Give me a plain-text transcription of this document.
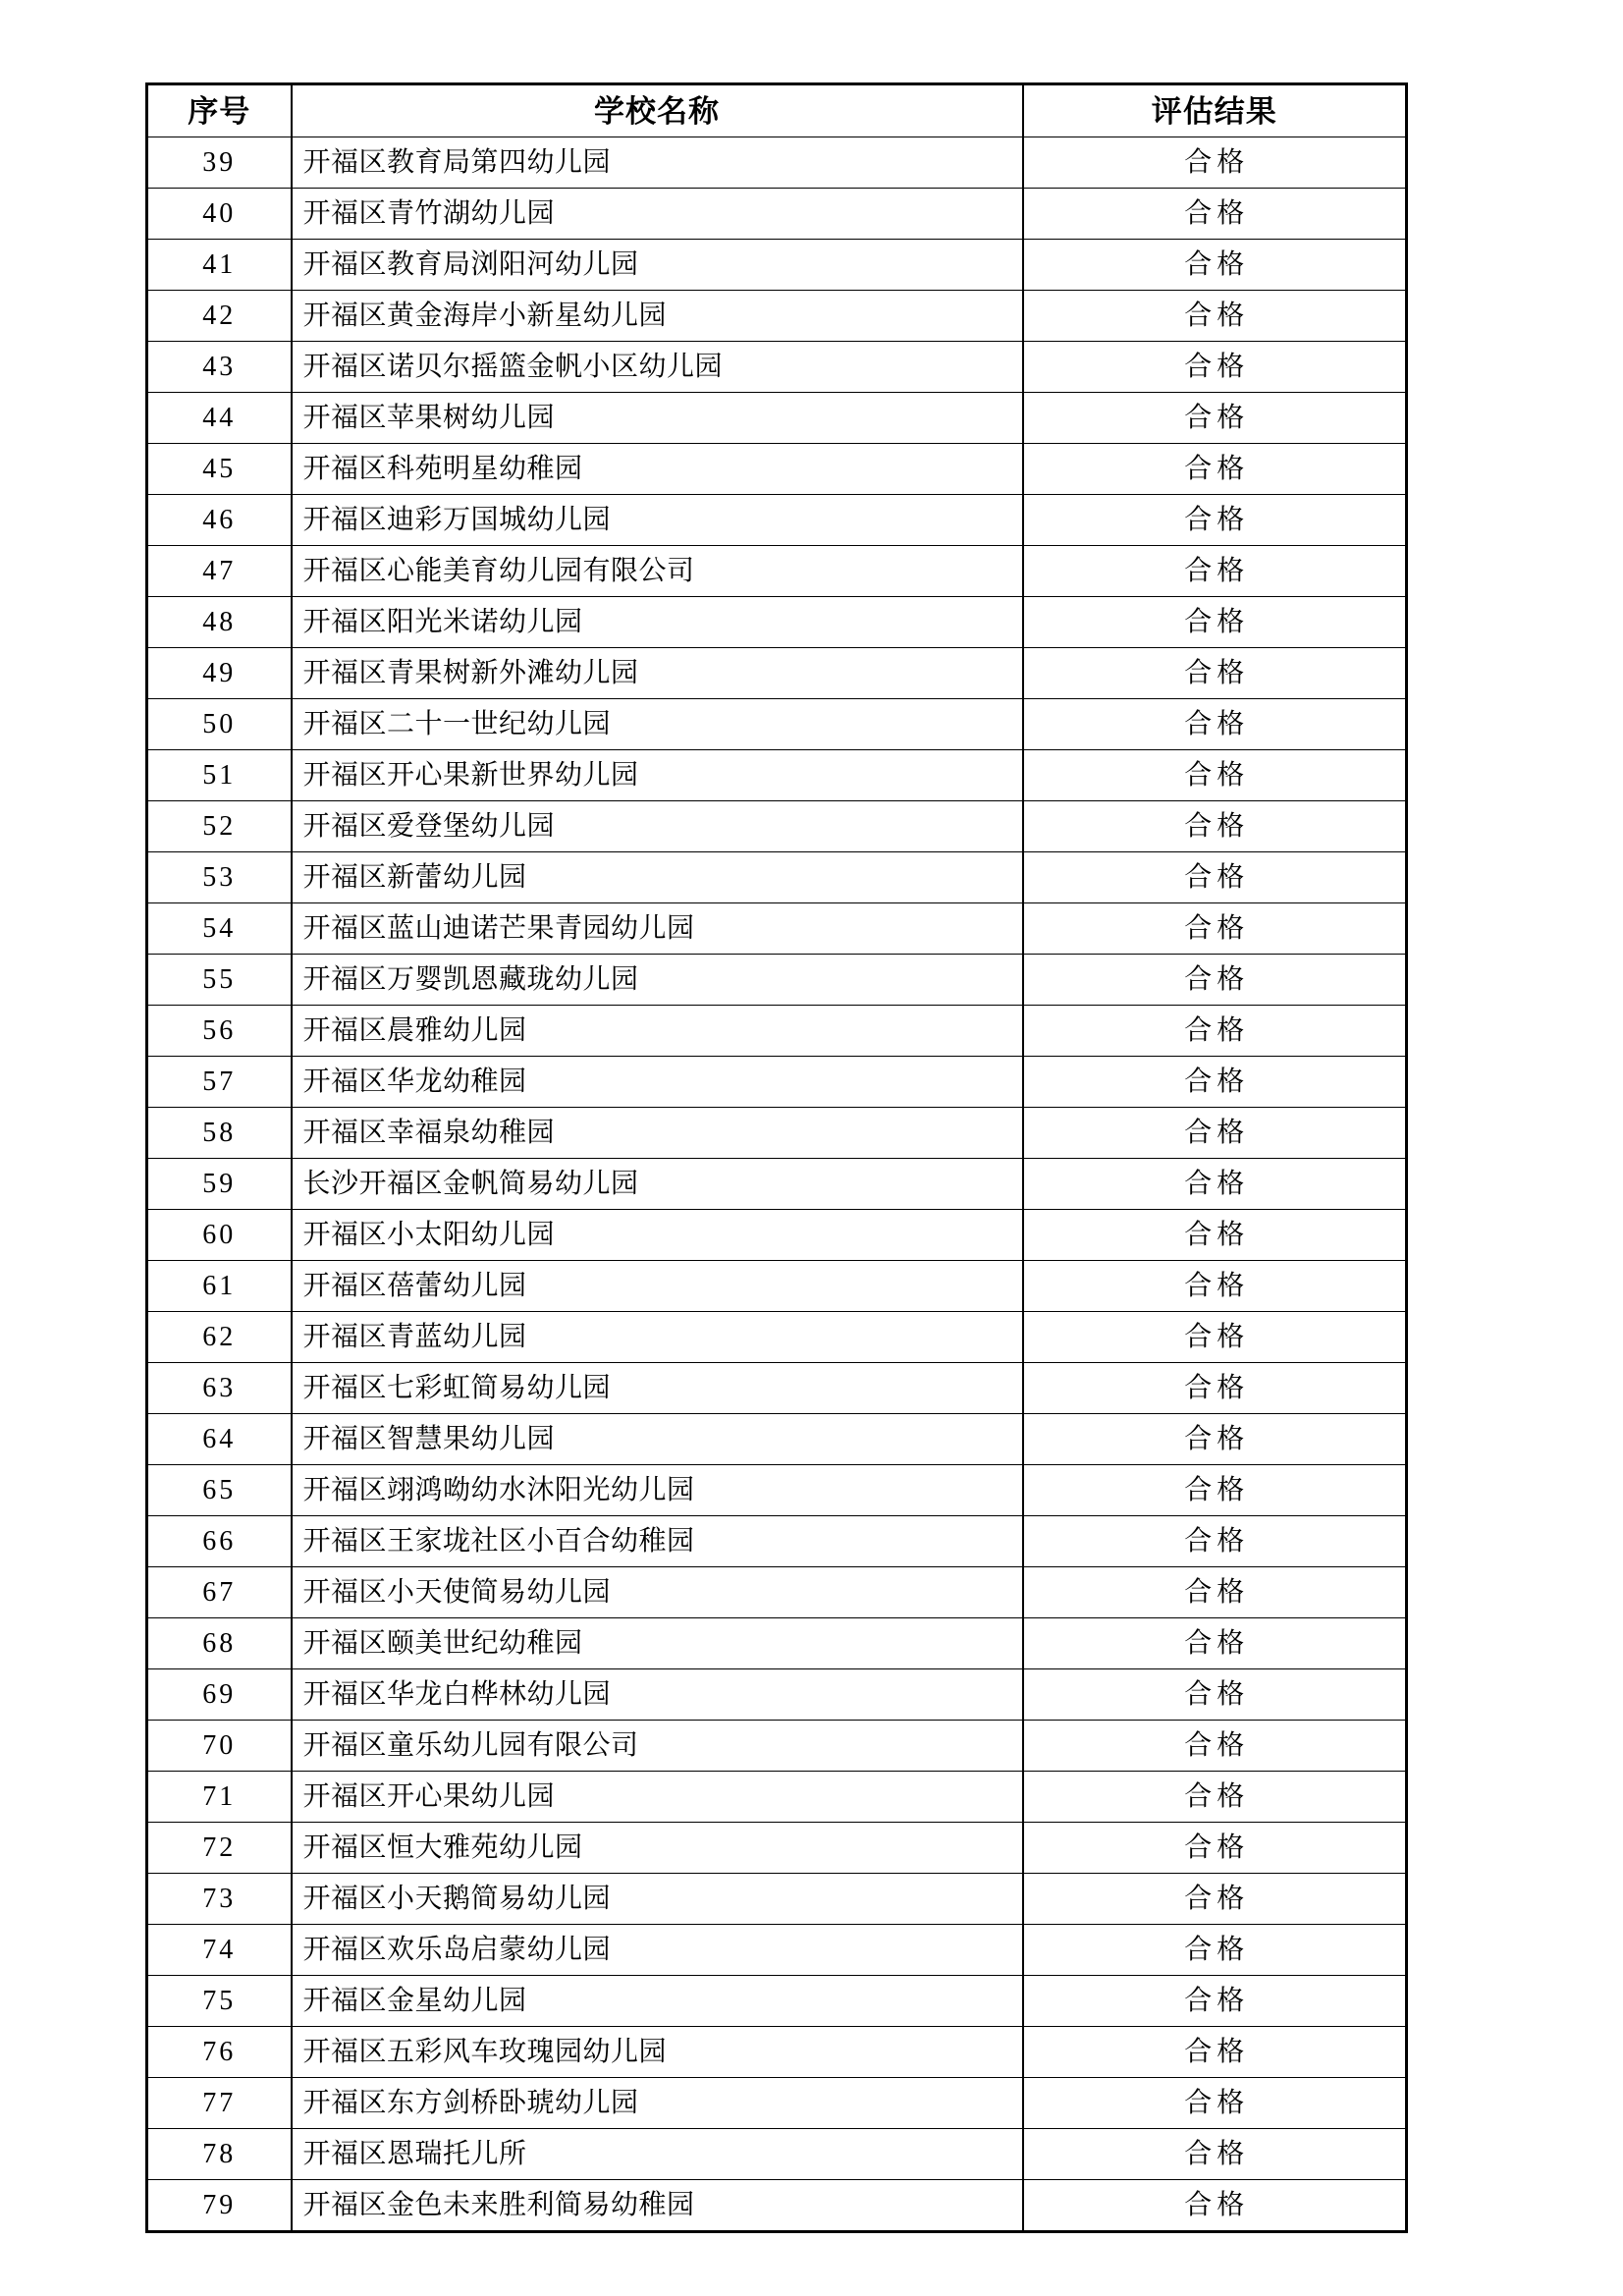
序号	学校名称	评估结果
39	开福区教育局第四幼儿园	合格
40	开福区青竹湖幼儿园	合格
41	开福区教育局浏阳河幼儿园	合格
42	开福区黄金海岸小新星幼儿园	合格
43	开福区诺贝尔摇篮金帆小区幼儿园	合格
44	开福区苹果树幼儿园	合格
45	开福区科苑明星幼稚园	合格
46	开福区迪彩万国城幼儿园	合格
47	开福区心能美育幼儿园有限公司	合格
48	开福区阳光米诺幼儿园	合格
49	开福区青果树新外滩幼儿园	合格
50	开福区二十一世纪幼儿园	合格
51	开福区开心果新世界幼儿园	合格
52	开福区爱登堡幼儿园	合格
53	开福区新蕾幼儿园	合格
54	开福区蓝山迪诺芒果青园幼儿园	合格
55	开福区万婴凯恩藏珑幼儿园	合格
56	开福区晨雅幼儿园	合格
57	开福区华龙幼稚园	合格
58	开福区幸福泉幼稚园	合格
59	长沙开福区金帆简易幼儿园	合格
60	开福区小太阳幼儿园	合格
61	开福区蓓蕾幼儿园	合格
62	开福区青蓝幼儿园	合格
63	开福区七彩虹简易幼儿园	合格
64	开福区智慧果幼儿园	合格
65	开福区翊鸿呦幼水沐阳光幼儿园	合格
66	开福区王家垅社区小百合幼稚园	合格
67	开福区小天使简易幼儿园	合格
68	开福区颐美世纪幼稚园	合格
69	开福区华龙白桦林幼儿园	合格
70	开福区童乐幼儿园有限公司	合格
71	开福区开心果幼儿园	合格
72	开福区恒大雅苑幼儿园	合格
73	开福区小天鹅简易幼儿园	合格
74	开福区欢乐岛启蒙幼儿园	合格
75	开福区金星幼儿园	合格
76	开福区五彩风车玫瑰园幼儿园	合格
77	开福区东方剑桥卧琥幼儿园	合格
78	开福区恩瑞托儿所	合格
79	开福区金色未来胜利简易幼稚园	合格
